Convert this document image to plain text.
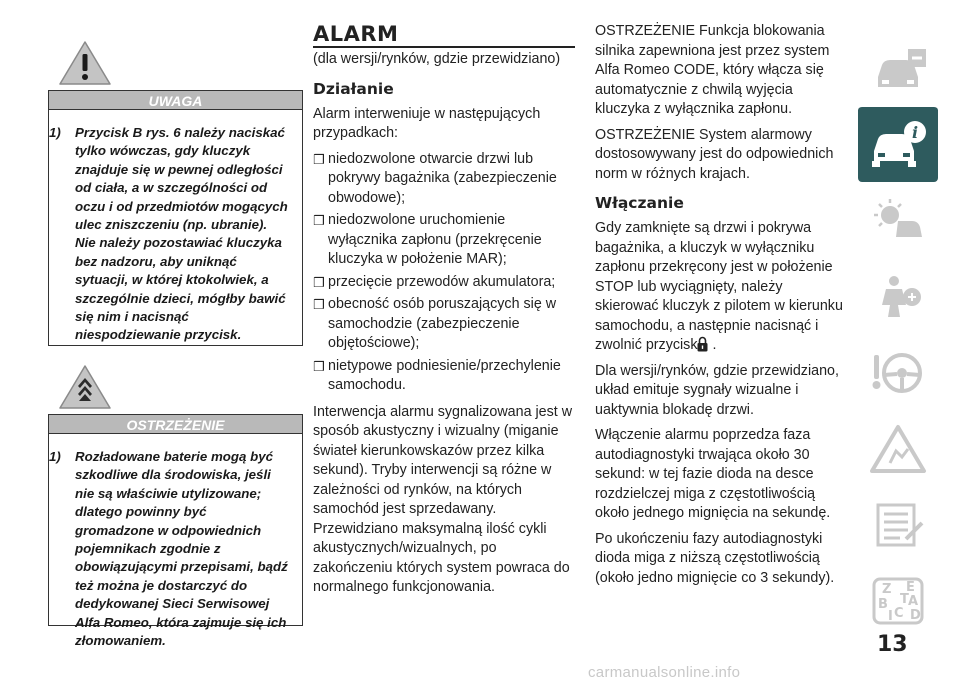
UWAGA
1) Przycisk B rys. 6 należy naciskać tylko wówczas, gdy kluczyk znajduje się w pewnej odległości od ciała, a w szczególności od oczu i od przedmiotów mogących ulec zniszczeniu (np. ubranie). Nie należy pozostawiać kluczyka bez nadzoru, aby uniknąć sytuacji, w której ktokolwiek, a szczególnie dzieci, mógłby bawić się nim i nacisnąć niespodziewanie przycisk.
OSTRZEŻENIE
1) Rozładowane baterie mogą być szkodliwe dla środowiska, jeśli nie są właściwie utylizowane; dlatego powinny być gromadzone w odpowiednich pojemnikach zgodnie z obowiązującymi przepisami, bądź też można je dostarczyć do dedykowanej Sieci Serwisowej Alfa Romeo, która zajmuje się ich złomowaniem.
ALARM

(dla wersji/rynków, gdzie przewidziano)

Działanie

Alarm interweniuje w następujących przypadkach:

❒ niedozwolone otwarcie drzwi lub pokrywy bagażnika (zabezpieczenie obwodowe);
❒ niedozwolone uruchomienie wyłącznika zapłonu (przekręcenie kluczyka w położenie MAR);
❒ przecięcie przewodów akumulatora;
❒ obecność osób poruszających się w samochodzie (zabezpieczenie objętościowe);
❒ nietypowe podniesienie/przechylenie samochodu.

Interwencja alarmu sygnalizowana jest w sposób akustyczny i wizualny (miganie świateł kierunkowskazów przez kilka sekund). Tryby interwencji są różne w zależności od rynków, na których samochód jest sprzedawany. Przewidziano maksymalną ilość cykli akustycznych/wizualnych, po zakończeniu których system powraca do normalnego funkcjonowania.

OSTRZEŻENIE Funkcja blokowania silnika zapewniona jest przez system Alfa Romeo CODE, który włącza się automatycznie z chwilą wyjęcia kluczyka z wyłącznika zapłonu.

OSTRZEŻENIE System alarmowy dostosowywany jest do odpowiednich norm w różnych krajach.

Włączanie

Gdy zamknięte są drzwi i pokrywa bagażnika, a kluczyk w wyłączniku zapłonu przekręcony jest w położenie STOP lub wyciągnięty, należy skierować kluczyk z pilotem w kierunku samochodu, a następnie nacisnąć i zwolnić przycisk .

Dla wersji/rynków, gdzie przewidziano, układ emituje sygnały wizualne i uaktywnia blokadę drzwi.

Włączenie alarmu poprzedza faza autodiagnostyki trwająca około 30 sekund: w tej fazie dioda na desce rozdzielczej miga z częstotliwością około jednego mignięcia na sekundę.

Po ukończeniu fazy autodiagnostyki dioda miga z niższą częstotliwością (około jedno mignięcie co 3 sekundy).

i
Z E
A
B
C D
I
T
13
carmanualsonline.info
